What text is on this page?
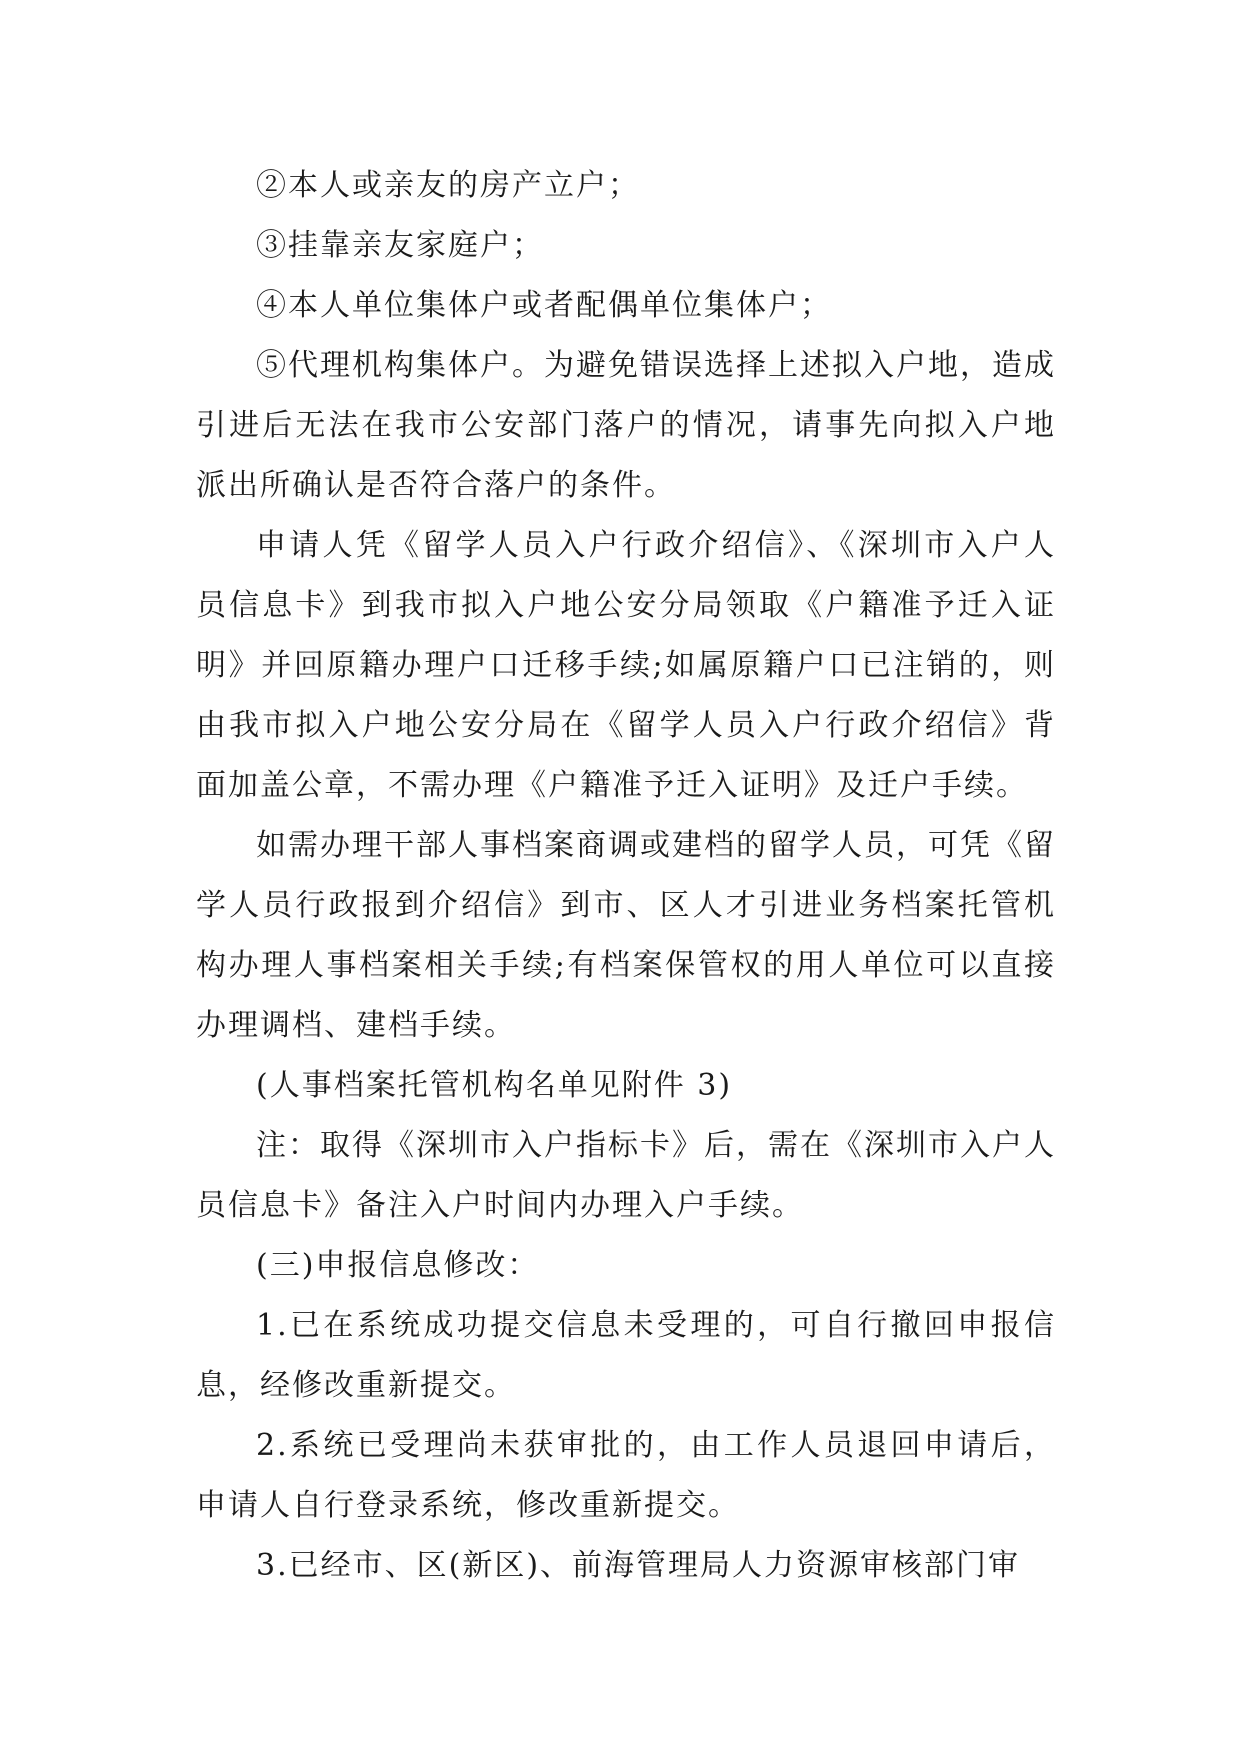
②本人或亲友的房产立户；

③挂靠亲友家庭户；

④本人单位集体户或者配偶单位集体户；

⑤代理机构集体户。为避免错误选择上述拟入户地，造成引进后无法在我市公安部门落户的情况，请事先向拟入户地派出所确认是否符合落户的条件。

申请人凭《留学人员入户行政介绍信》、《深圳市入户人员信息卡》到我市拟入户地公安分局领取《户籍准予迁入证明》并回原籍办理户口迁移手续;如属原籍户口已注销的，则由我市拟入户地公安分局在《留学人员入户行政介绍信》背面加盖公章，不需办理《户籍准予迁入证明》及迁户手续。

如需办理干部人事档案商调或建档的留学人员，可凭《留学人员行政报到介绍信》到市、区人才引进业务档案托管机构办理人事档案相关手续;有档案保管权的用人单位可以直接办理调档、建档手续。

(人事档案托管机构名单见附件 3)

注：取得《深圳市入户指标卡》后，需在《深圳市入户人员信息卡》备注入户时间内办理入户手续。

(三)申报信息修改：

1.已在系统成功提交信息未受理的，可自行撤回申报信息，经修改重新提交。

2.系统已受理尚未获审批的，由工作人员退回申请后，申请人自行登录系统，修改重新提交。

3.已经市、区(新区)、前海管理局人力资源审核部门审
